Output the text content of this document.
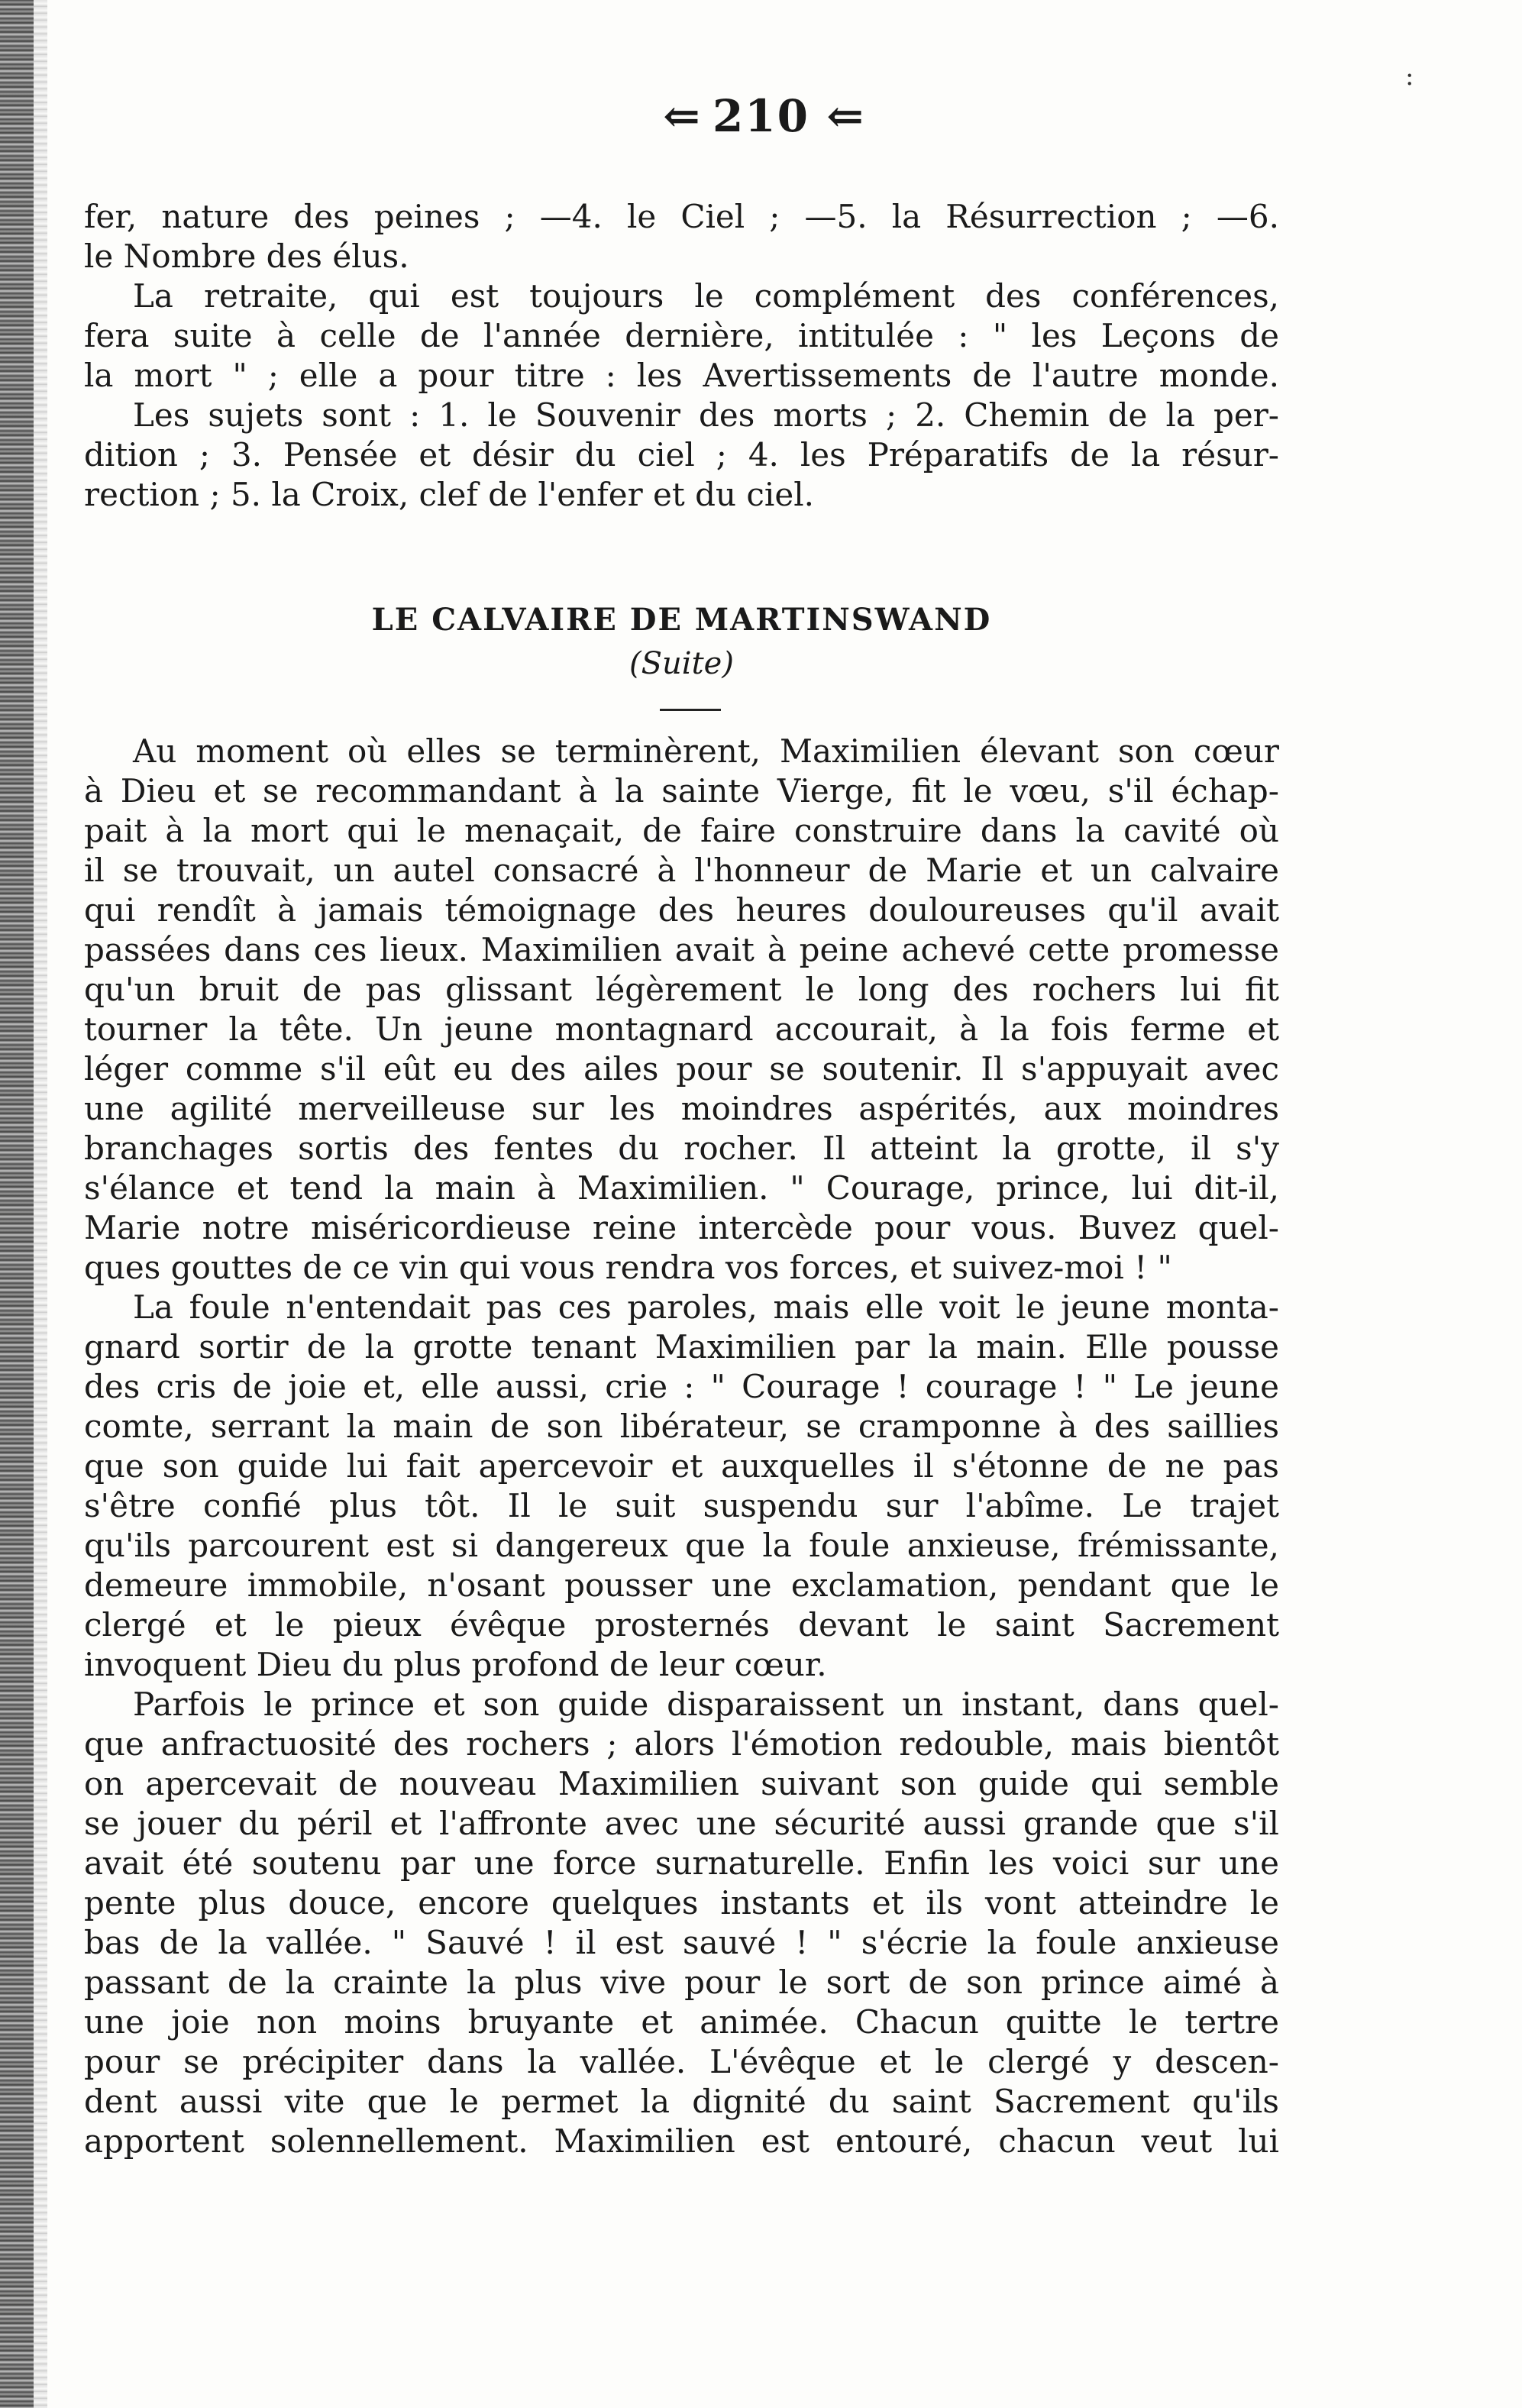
:
⇐ 210 ⇐
fer, nature des peines ; —4. le Ciel ; —5. la Résurrection ; —6.
le Nombre des élus.
La retraite, qui est toujours le complément des conférences,
fera suite à celle de l'année dernière, intitulée : " les Leçons de
la mort " ; elle a pour titre : les Avertissements de l'autre monde.
Les sujets sont : 1. le Souvenir des morts ; 2. Chemin de la per-
dition ; 3. Pensée et désir du ciel ; 4. les Préparatifs de la résur-
rection ; 5. la Croix, clef de l'enfer et du ciel.
LE CALVAIRE DE MARTINSWAND
(Suite)
Au moment où elles se terminèrent, Maximilien élevant son cœur
à Dieu et se recommandant à la sainte Vierge, fit le vœu, s'il échap-
pait à la mort qui le menaçait, de faire construire dans la cavité où
il se trouvait, un autel consacré à l'honneur de Marie et un calvaire
qui rendît à jamais témoignage des heures douloureuses qu'il avait
passées dans ces lieux. Maximilien avait à peine achevé cette promesse
qu'un bruit de pas glissant légèrement le long des rochers lui fit
tourner la tête. Un jeune montagnard accourait, à la fois ferme et
léger comme s'il eût eu des ailes pour se soutenir. Il s'appuyait avec
une agilité merveilleuse sur les moindres aspérités, aux moindres
branchages sortis des fentes du rocher. Il atteint la grotte, il s'y
s'élance et tend la main à Maximilien. " Courage, prince, lui dit-il,
Marie notre miséricordieuse reine intercède pour vous. Buvez quel-
ques gouttes de ce vin qui vous rendra vos forces, et suivez-moi ! "
La foule n'entendait pas ces paroles, mais elle voit le jeune monta-
gnard sortir de la grotte tenant Maximilien par la main. Elle pousse
des cris de joie et, elle aussi, crie : " Courage ! courage ! " Le jeune
comte, serrant la main de son libérateur, se cramponne à des saillies
que son guide lui fait apercevoir et auxquelles il s'étonne de ne pas
s'être confié plus tôt. Il le suit suspendu sur l'abîme. Le trajet
qu'ils parcourent est si dangereux que la foule anxieuse, frémissante,
demeure immobile, n'osant pousser une exclamation, pendant que le
clergé et le pieux évêque prosternés devant le saint Sacrement
invoquent Dieu du plus profond de leur cœur.
Parfois le prince et son guide disparaissent un instant, dans quel-
que anfractuosité des rochers ; alors l'émotion redouble, mais bientôt
on apercevait de nouveau Maximilien suivant son guide qui semble
se jouer du péril et l'affronte avec une sécurité aussi grande que s'il
avait été soutenu par une force surnaturelle. Enfin les voici sur une
pente plus douce, encore quelques instants et ils vont atteindre le
bas de la vallée. " Sauvé ! il est sauvé ! " s'écrie la foule anxieuse
passant de la crainte la plus vive pour le sort de son prince aimé à
une joie non moins bruyante et animée. Chacun quitte le tertre
pour se précipiter dans la vallée. L'évêque et le clergé y descen-
dent aussi vite que le permet la dignité du saint Sacrement qu'ils
apportent solennellement. Maximilien est entouré, chacun veut lui
